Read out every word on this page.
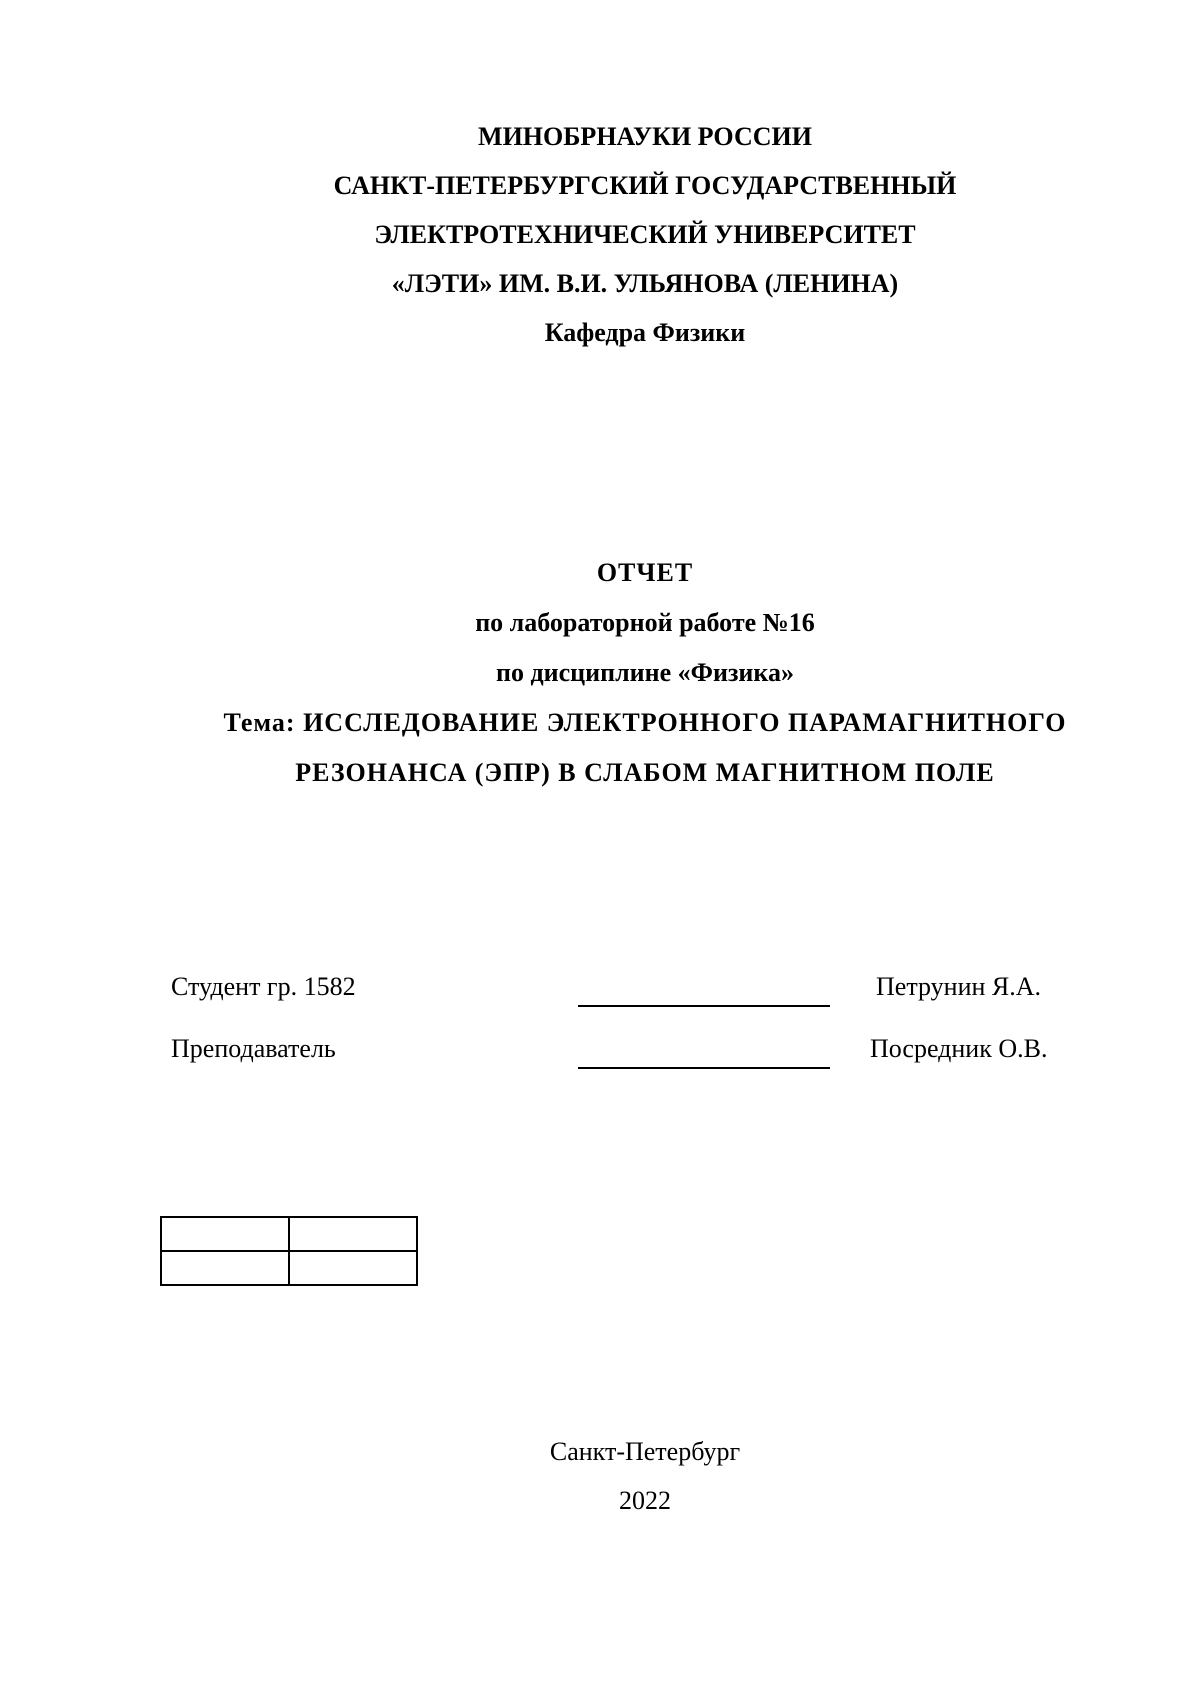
МИНОБРНАУКИ РОССИИ
САНКТ-ПЕТЕРБУРГСКИЙ ГОСУДАРСТВЕННЫЙ
ЭЛЕКТРОТЕХНИЧЕСКИЙ УНИВЕРСИТЕТ
«ЛЭТИ» ИМ. В.И. УЛЬЯНОВА (ЛЕНИНА)
Кафедра Физики
ОТЧЕТ
по лабораторной работе №16
по дисциплине «Физика»
Тема: ИССЛЕДОВАНИЕ ЭЛЕКТРОННОГО ПАРАМАГНИТНОГО
РЕЗОНАНСА (ЭПР) В СЛАБОМ МАГНИТНОМ ПОЛЕ
Студент гр. 1582	Петрунин Я.А.
Преподаватель	Посредник О.В.

Санкт-Петербург
2022
